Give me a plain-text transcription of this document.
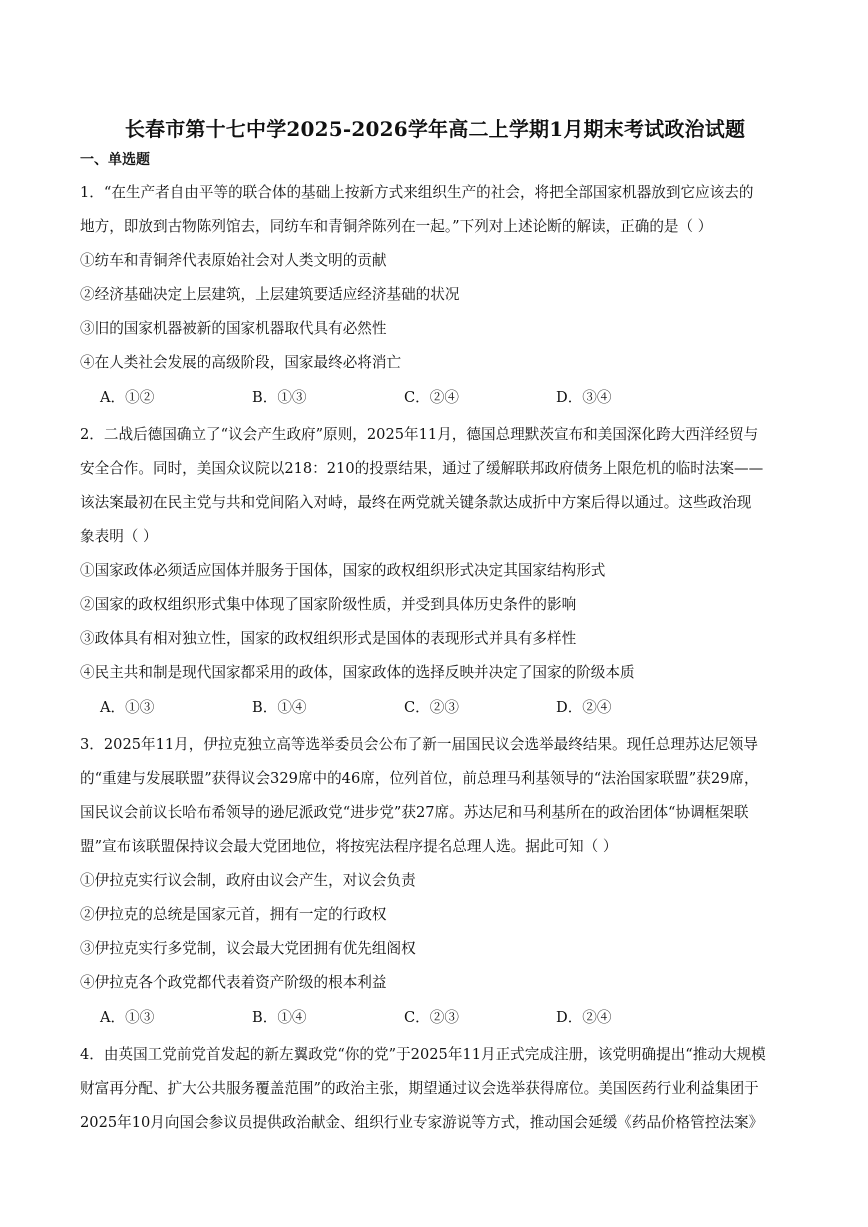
长春市第十七中学2025-2026学年高二上学期1月期末考试政治试题
一、单选题
1．“在生产者自由平等的联合体的基础上按新方式来组织生产的社会，将把全部国家机器放到它应该去的
地方，即放到古物陈列馆去，同纺车和青铜斧陈列在一起。”下列对上述论断的解读，正确的是（ ）
①纺车和青铜斧代表原始社会对人类文明的贡献
②经济基础决定上层建筑，上层建筑要适应经济基础的状况
③旧的国家机器被新的国家机器取代具有必然性
④在人类社会发展的高级阶段，国家最终必将消亡
A．①②	B．①③	C．②④	D．③④
2．二战后德国确立了“议会产生政府”原则，2025年11月，德国总理默茨宣布和美国深化跨大西洋经贸与
安全合作。同时，美国众议院以218：210的投票结果，通过了缓解联邦政府债务上限危机的临时法案——
该法案最初在民主党与共和党间陷入对峙，最终在两党就关键条款达成折中方案后得以通过。这些政治现
象表明（ ）
①国家政体必须适应国体并服务于国体，国家的政权组织形式决定其国家结构形式
②国家的政权组织形式集中体现了国家阶级性质，并受到具体历史条件的影响
③政体具有相对独立性，国家的政权组织形式是国体的表现形式并具有多样性
④民主共和制是现代国家都采用的政体，国家政体的选择反映并决定了国家的阶级本质
A．①③	B．①④	C．②③	D．②④
3．2025年11月，伊拉克独立高等选举委员会公布了新一届国民议会选举最终结果。现任总理苏达尼领导
的“重建与发展联盟”获得议会329席中的46席，位列首位，前总理马利基领导的“法治国家联盟”获29席，
国民议会前议长哈布希领导的逊尼派政党“进步党”获27席。苏达尼和马利基所在的政治团体“协调框架联
盟”宣布该联盟保持议会最大党团地位，将按宪法程序提名总理人选。据此可知（ ）
①伊拉克实行议会制，政府由议会产生，对议会负责
②伊拉克的总统是国家元首，拥有一定的行政权
③伊拉克实行多党制，议会最大党团拥有优先组阁权
④伊拉克各个政党都代表着资产阶级的根本利益
A．①③	B．①④	C．②③	D．②④
4．由英国工党前党首发起的新左翼政党“你的党”于2025年11月正式完成注册，该党明确提出“推动大规模
财富再分配、扩大公共服务覆盖范围”的政治主张，期望通过议会选举获得席位。美国医药行业利益集团于
2025年10月向国会参议员提供政治献金、组织行业专家游说等方式，推动国会延缓《药品价格管控法案》
